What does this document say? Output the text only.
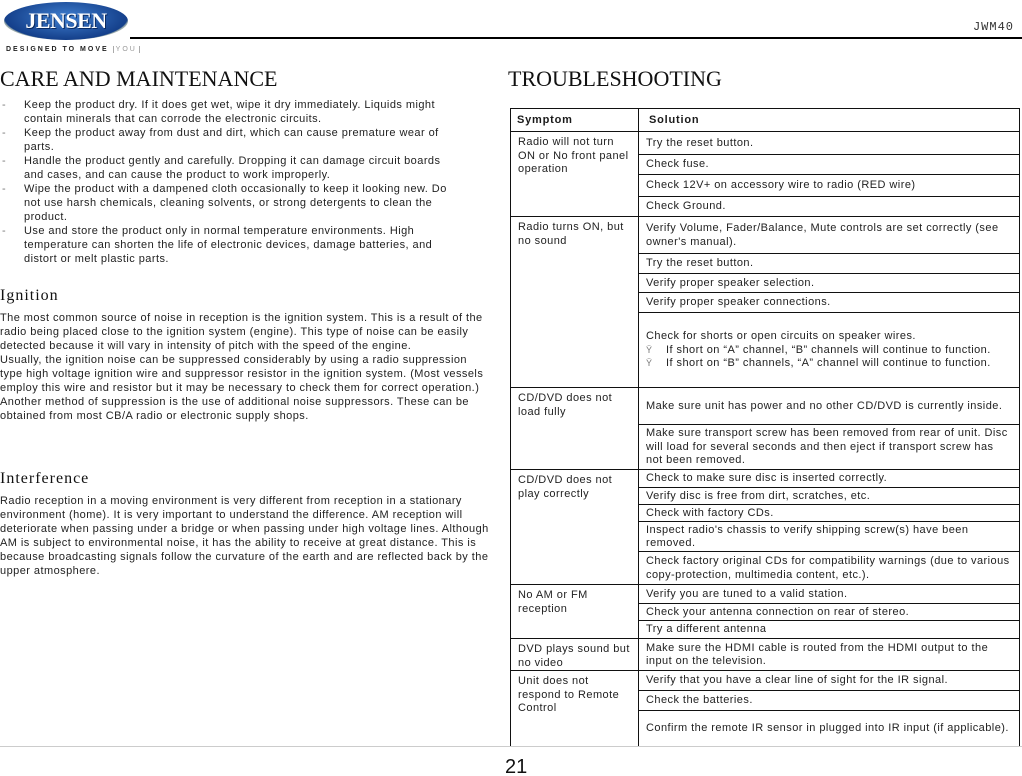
JENSEN
DESIGNED TO MOVE YOU
JWM40
CARE AND MAINTENANCE
- Keep the product dry. If it does get wet, wipe it dry immediately. Liquids might contain minerals that can corrode the electronic circuits.
- Keep the product away from dust and dirt, which can cause premature wear of parts.
- Handle the product gently and carefully. Dropping it can damage circuit boards and cases, and can cause the product to work improperly.
- Wipe the product with a dampened cloth occasionally to keep it looking new. Do not use harsh chemicals, cleaning solvents, or strong detergents to clean the product.
- Use and store the product only in normal temperature environments. High temperature can shorten the life of electronic devices, damage batteries, and distort or melt plastic parts.
Ignition
The most common source of noise in reception is the ignition system. This is a result of the radio being placed close to the ignition system (engine). This type of noise can be easily detected because it will vary in intensity of pitch with the speed of the engine.
Usually, the ignition noise can be suppressed considerably by using a radio suppression type high voltage ignition wire and suppressor resistor in the ignition system. (Most vessels employ this wire and resistor but it may be necessary to check them for correct operation.) Another method of suppression is the use of additional noise suppressors. These can be obtained from most CB/A radio or electronic supply shops.
Interference
Radio reception in a moving environment is very different from reception in a stationary environment (home). It is very important to understand the difference. AM reception will deteriorate when passing under a bridge or when passing under high voltage lines. Although AM is subject to environmental noise, it has the ability to receive at great distance. This is because broadcasting signals follow the curvature of the earth and are reflected back by the upper atmosphere.
TROUBLESHOOTING
Symptom	Solution
Radio will not turn ON or No front panel operation	Try the reset button.

	Check fuse.

	Check 12V+ on accessory wire to radio (RED wire)

	Check Ground.

Radio turns ON, but no sound	Verify Volume, Fader/Balance, Mute controls are set correctly (see owner's manual).

	Try the reset button.

	Verify proper speaker selection.

	Verify proper speaker connections.

	Check for shorts or open circuits on speaker wires.
Ÿ If short on “A” channel, “B” channels will continue to function.
Ÿ If short on “B” channels, “A” channel will continue to function.

CD/DVD does not load fully	Make sure unit has power and no other CD/DVD is currently inside.

	Make sure transport screw has been removed from rear of unit. Disc will load for several seconds and then eject if transport screw has not been removed.

CD/DVD does not play correctly	Check to make sure disc is inserted correctly.

	Verify disc is free from dirt, scratches, etc.

	Check with factory CDs.

	Inspect radio's chassis to verify shipping screw(s) have been removed.

	Check factory original CDs for compatibility warnings (due to various copy-protection, multimedia content, etc.).

No AM or FM reception	Verify you are tuned to a valid station.

	Check your antenna connection on rear of stereo.

	Try a different antenna

DVD plays sound but no video	Make sure the HDMI cable is routed from the HDMI output to the input on the television.

Unit does not respond to Remote Control	Verify that you have a clear line of sight for the IR signal.

	Check the batteries.

	Confirm the remote IR sensor in plugged into IR input (if applicable).
21
